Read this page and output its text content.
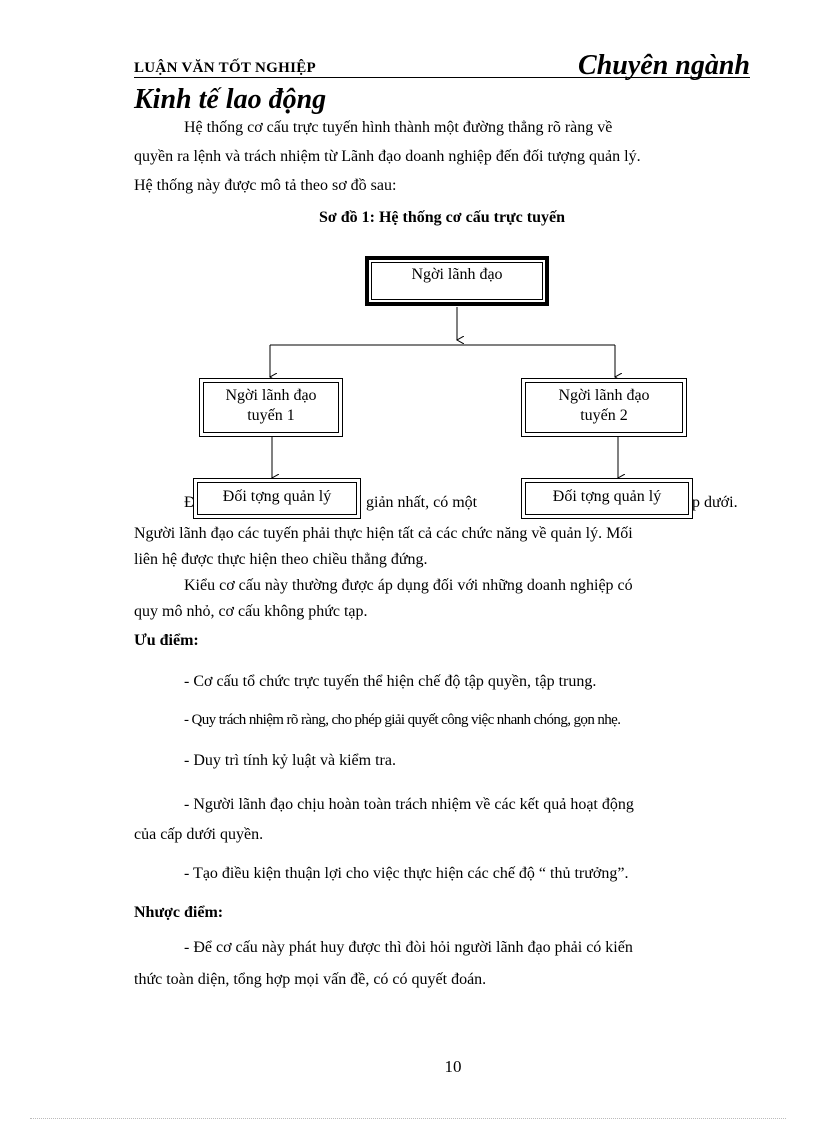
LUẬN VĂN TỐT NGHIỆP	Chuyên ngành
Kinh tế lao động
Hệ thống cơ cấu trực tuyến hình thành một đường thẳng rõ ràng về
quyền ra lệnh và trách nhiệm từ Lãnh đạo doanh nghiệp đến đối tượng quản lý.
Hệ thống này được mô tả theo sơ đồ sau:
Sơ đồ 1: Hệ thống cơ cấu trực tuyến
Đ	giản nhất, có một	p dưới.
Người lãnh đạo các tuyến phải thực hiện tất cả các chức năng về quản lý. Mối
liên hệ được thực hiện theo chiều thẳng đứng.
Ngời lãnh đạo
Ngời lãnh đạo
tuyến 1
Ngời lãnh đạo
tuyến 2
Đối tợng quản lý	Đối tợng quản lý
Kiểu cơ cấu này thường được áp dụng đối với những doanh nghiệp có
quy mô nhỏ, cơ cấu không phức tạp.
Ưu điểm:
- Cơ cấu tổ chức trực tuyến thể hiện chế độ tập quyền, tập trung.
- Quy trách nhiệm rõ ràng, cho phép giải quyết công việc nhanh chóng, gọn nhẹ.
- Duy trì tính kỷ luật và kiểm tra.
- Người lãnh đạo chịu hoàn toàn trách nhiệm về các kết quả hoạt động
của cấp dưới quyền.
- Tạo điều kiện thuận lợi cho việc thực hiện các chế độ “ thủ trưởng”.
Nhược điểm:
- Để cơ cấu này phát huy được thì đòi hỏi người lãnh đạo phải có kiến
thức toàn diện, tổng hợp mọi vấn đề, có có quyết đoán.
10
